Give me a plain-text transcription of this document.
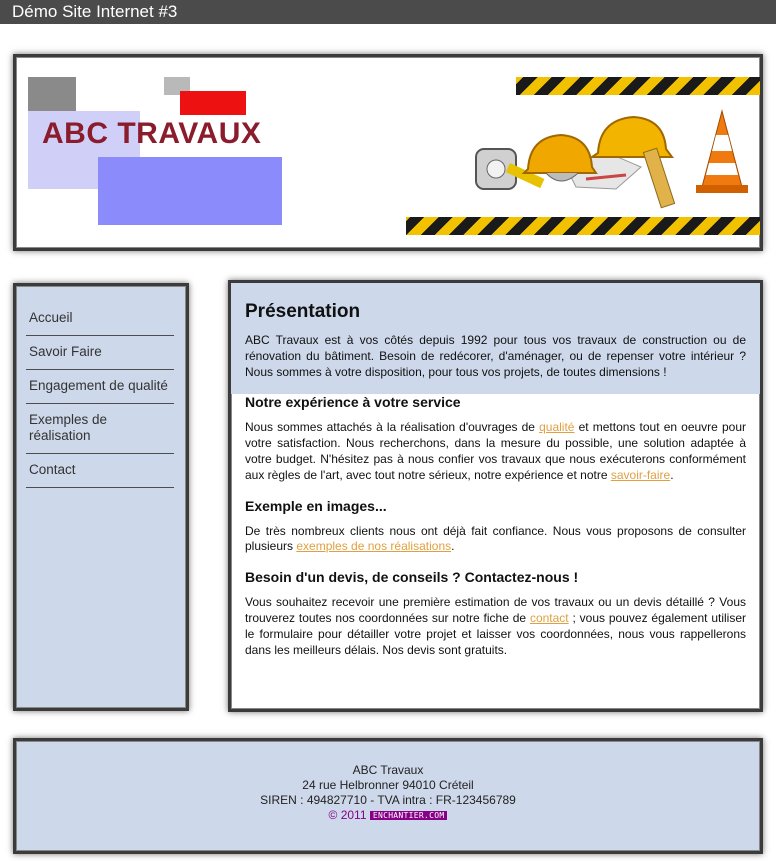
Démo Site Internet #3
ABC TRAVAUX
Accueil
Savoir Faire
Engagement de qualité
Exemples de réalisation
Contact
Présentation

ABC Travaux est à vos côtés depuis 1992 pour tous vos travaux de construction ou de rénovation du bâtiment. Besoin de redécorer, d'aménager, ou de repenser votre intérieur ? Nous sommes à votre disposition, pour tous vos projets, de toutes dimensions !

Notre expérience à votre service

Nous sommes attachés à la réalisation d'ouvrages de qualité et mettons tout en oeuvre pour votre satisfaction. Nous recherchons, dans la mesure du possible, une solution adaptée à votre budget. N'hésitez pas à nous confier vos travaux que nous exécuterons conformément aux règles de l'art, avec tout notre sérieux, notre expérience et notre savoir-faire.

Exemple en images...

De très nombreux clients nous ont déjà fait confiance. Nous vous proposons de consulter plusieurs exemples de nos réalisations.

Besoin d'un devis, de conseils ? Contactez-nous !

Vous souhaitez recevoir une première estimation de vos travaux ou un devis détaillé ? Vous trouverez toutes nos coordonnées sur notre fiche de contact ; vous pouvez également utiliser le formulaire pour détailler votre projet et laisser vos coordonnées, nous vous rappellerons dans les meilleurs délais. Nos devis sont gratuits.

ABC Travaux
24 rue Helbronner 94010 Créteil
SIREN : 494827710 - TVA intra : FR-123456789
© 2011 ENCHANTIER.COM
